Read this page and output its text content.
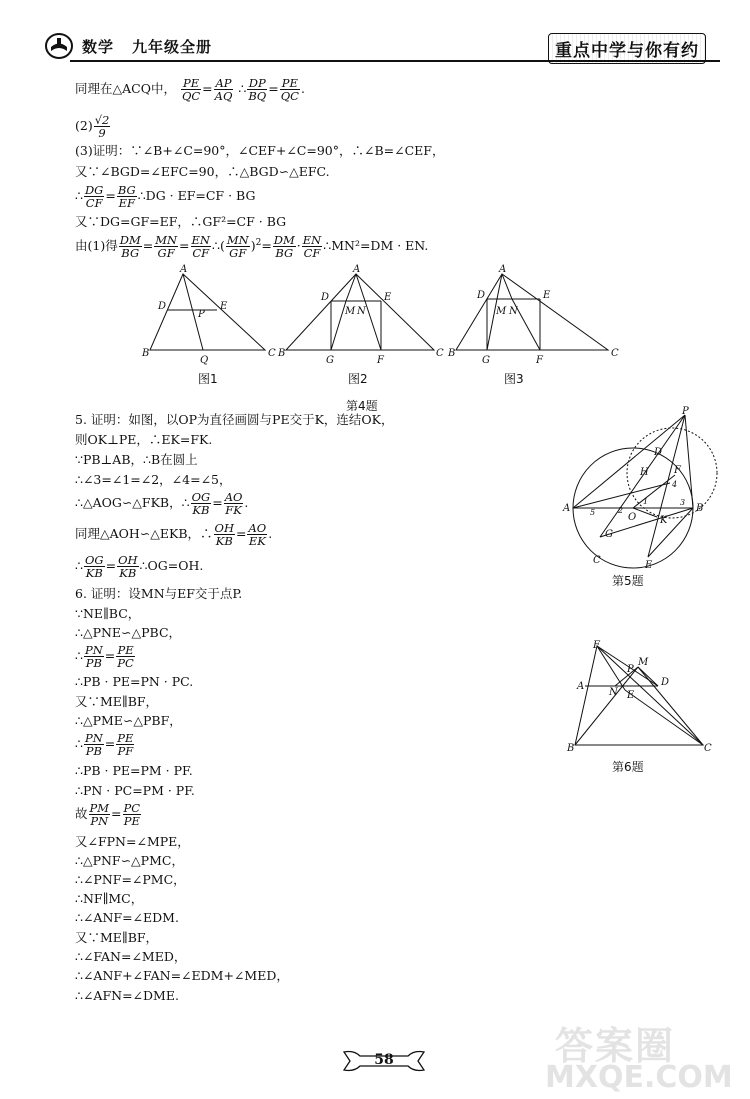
数学 九年级全册	重点中学与你有约
同理在△ACQ中， $\frac{PE}{QC} = \frac{AP}{AQ}$ ∴ $\frac{DP}{BQ} = \frac{PE}{QC}$ .
$(2) \frac{√2}{9}$
(3)证明：∵∠B+∠C=90°，∠CEF+∠C=90°，∴∠B=∠CEF，
又∵∠BGD=∠EFC=90，∴△BGD∽△EFC.
∴ $\frac{DG}{CF} = \frac{BG}{EF}$ ∴DG · EF=CF · BG
又∵DG=GF=EF，∴GF²=CF · BG
由(1)得 $\frac{DM}{BG} = \frac{MN}{GF} = \frac{EN}{CF}$ ∴( $\frac{MN}{GF} )^2= \frac{DM}{BG} \cdot \frac{EN}{CF}$ ∴MN²=DM · EN.
A
D	E
P
B
Q
C
A
D	E
M N
B
G	F
C
A
D	E
M N
B
G	F
C
图1	图2	图3
第4题
5. 证明：如图，以OP为直径画圆与PE交于K，连结OK，
则OK⊥PE，∴EK=FK.
∵PB⊥AB，∴B在圆上
∴∠3=∠1=∠2，∠4=∠5，
∴△AOG∽△FKB，∴ $\frac{OG}{KB} = \frac{AO}{FK}$ .
同理△AOH∽△EKB，∴ $\frac{OH}{KB} = \frac{AO}{EK}$ .
∴ $\frac{OG}{KB} = \frac{OH}{KB}$ ∴OG=OH.
P
D
H	F
A	B
O K
G
C	E
5	2
1	3
4
第5题
6. 证明：设MN与EF交于点P.
∵NE∥BC，
∴△PNE∽△PBC，
∴ $\frac{PN}{PB} = \frac{PE}{PC}$
∴PB · PE=PN · PC.
又∵ME∥BF，
∴△PME∽△PBF，
∴ $\frac{PN}{PB} = \frac{PE}{PF}$
∴PB · PE=PM · PF.
∴PN · PC=PM · PF.
故 $\frac{PM}{PN} = \frac{PC}{PE}$
又∠FPN=∠MPE，
∴△PNF∽△PMC，
∴∠PNF=∠PMC，
∴NF∥MC，
∴∠ANF=∠EDM.
又∵ME∥BF，
∴∠FAN=∠MED，
∴∠ANF+∠FAN=∠EDM+∠MED，
∴∠AFN=∠DME.
F
P
M
A
N E
D
B	C
第6题
答案圈
MXQE.COM
58
